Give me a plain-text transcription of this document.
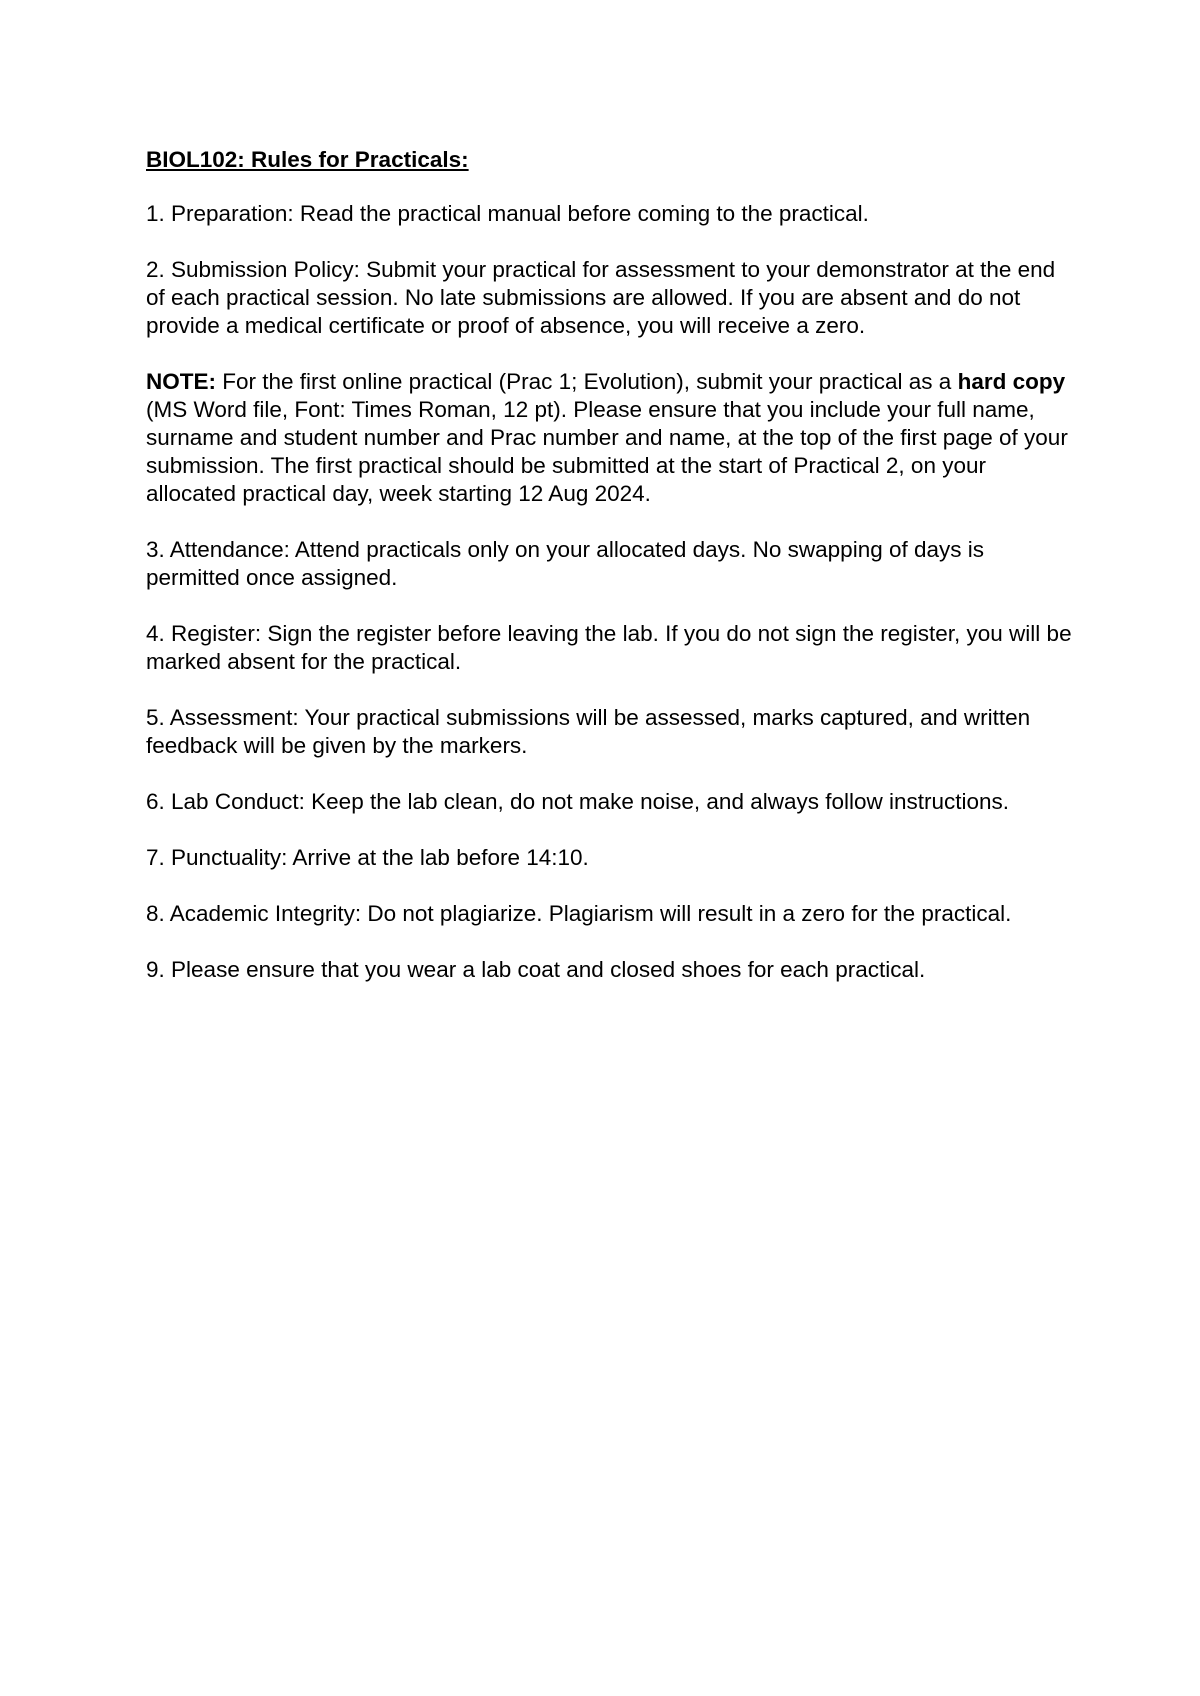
BIOL102: Rules for Practicals:
1. Preparation: Read the practical manual before coming to the practical.
2. Submission Policy: Submit your practical for assessment to your demonstrator at the end of each practical session. No late submissions are allowed. If you are absent and do not provide a medical certificate or proof of absence, you will receive a zero.
NOTE: For the first online practical (Prac 1; Evolution), submit your practical as a hard copy (MS Word file, Font: Times Roman, 12 pt). Please ensure that you include your full name, surname and student number and Prac number and name, at the top of the first page of your submission. The first practical should be submitted at the start of Practical 2, on your allocated practical day, week starting 12 Aug 2024.
3. Attendance: Attend practicals only on your allocated days. No swapping of days is permitted once assigned.
4. Register: Sign the register before leaving the lab. If you do not sign the register, you will be marked absent for the practical.
5. Assessment: Your practical submissions will be assessed, marks captured, and written feedback will be given by the markers.
6. Lab Conduct: Keep the lab clean, do not make noise, and always follow instructions.
7. Punctuality: Arrive at the lab before 14:10.
8. Academic Integrity: Do not plagiarize. Plagiarism will result in a zero for the practical.
9. Please ensure that you wear a lab coat and closed shoes for each practical.
